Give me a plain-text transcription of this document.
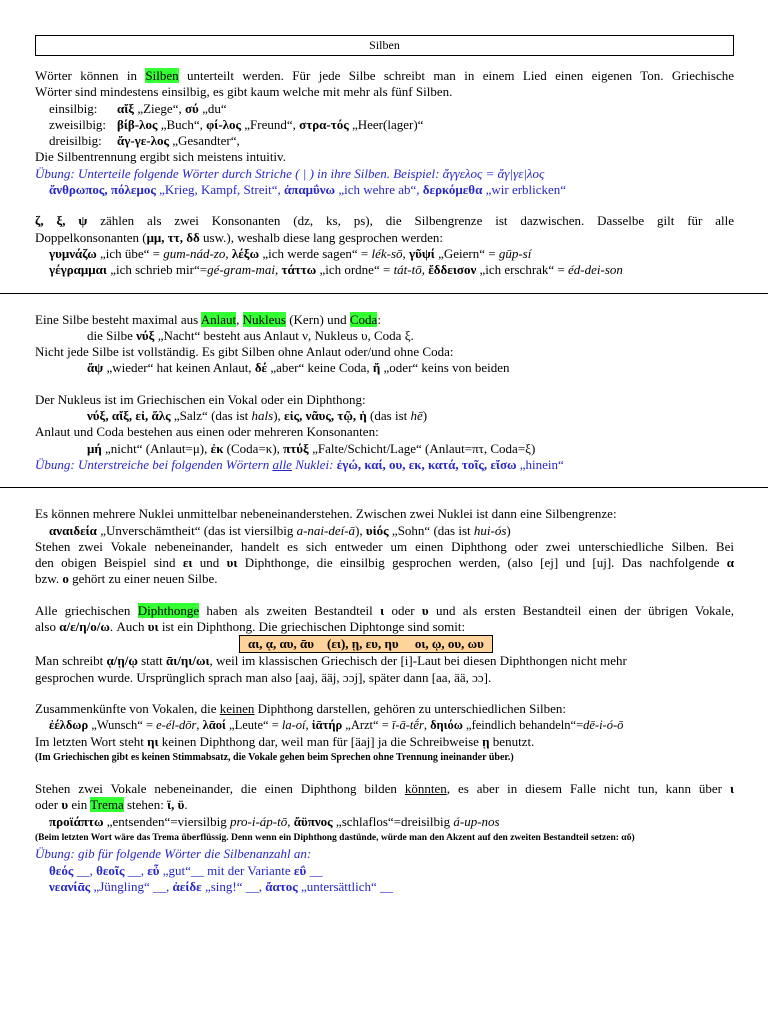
Silben
Wörter können in Silben unterteilt werden. Für jede Silbe schreibt man in einem Lied einen eigenen Ton. Griechische
Wörter sind mindestens einsilbig, es gibt kaum welche mit mehr als fünf Silben.
einsilbig: αἴξ „Ziege“, σύ „du“
zweisilbig: βίβ-λος „Buch“, φί-λος „Freund“, στρα-τός „Heer(lager)“
dreisilbig: ἄγ-γε-λος „Gesandter“,
Die Silbentrennung ergibt sich meistens intuitiv.
Übung: Unterteile folgende Wörter durch Striche ( | ) in ihre Silben. Beispiel: ἄγγελος = ἄγ|γε|λος
ἄνθρωπος, πόλεμος „Krieg, Kampf, Streit“, ἀπαμΰνω „ich wehre ab“, δερκόμεθα „wir erblicken“
ζ, ξ, ψ zählen als zwei Konsonanten (dz, ks, ps), die Silbengrenze ist dazwischen. Dasselbe gilt für alle
Doppelkonsonanten (μμ, ττ, δδ usw.), weshalb diese lang gesprochen werden:
γυμνάζω „ich übe“ = gum-nád-zo, λέξω „ich werde sagen“ = lék-sō, γῦψί „Geiern“ = gūp-sí
γέγραμμαι „ich schrieb mir“=gé-gram-mai, τάττω „ich ordne“ = tát-tō, ἔδδεισον „ich erschrak“ = éd-dei-son
Eine Silbe besteht maximal aus Anlaut, Nukleus (Kern) und Coda:
die Silbe νύξ „Nacht“ besteht aus Anlaut ν, Nukleus υ, Coda ξ.
Nicht jede Silbe ist vollständig. Es gibt Silben ohne Anlaut oder/und ohne Coda:
ἄψ „wieder“ hat keinen Anlaut, δέ „aber“ keine Coda, ἤ „oder“ keins von beiden
Der Nukleus ist im Griechischen ein Vokal oder ein Diphthong:
νύξ, αἴξ, εἰ, ἅλς „Salz“ (das ist hals), εἰς, νᾶυς, τῷ, ἡ (das ist hē)
Anlaut und Coda bestehen aus einen oder mehreren Konsonanten:
μή „nicht“ (Anlaut=μ), ἐκ (Coda=κ), πτύξ „Falte/Schicht/Lage“ (Anlaut=πτ, Coda=ξ)
Übung: Unterstreiche bei folgenden Wörtern alle Nuklei: ἐγώ, καί, ου, εκ, κατά, τοῖς, εἴσω „hinein“
Es können mehrere Nuklei unmittelbar nebeneinanderstehen. Zwischen zwei Nuklei ist dann eine Silbengrenze:
αναιδεία „Unverschämtheit“ (das ist viersilbig a-nai-deí-ā), υἱός „Sohn“ (das ist hui-ós)
Stehen zwei Vokale nebeneinander, handelt es sich entweder um einen Diphthong oder zwei unterschiedliche Silben. Bei
den obigen Beispiel sind ει und υι Diphthonge, die einsilbig gesprochen werden, (also [ej] und [uj]. Das nachfolgende α
bzw. ο gehört zu einer neuen Silbe.
Alle griechischen Diphthonge haben als zweiten Bestandteil ι oder υ und als ersten Bestandteil einen der übrigen Vokale,
also α/ε/η/ο/ω. Auch υι ist ein Diphthong. Die griechischen Diphtonge sind somit:
αι, ᾳ, αυ, ᾱυ    (ει), ῃ, ευ, ηυ     οι, ῳ, ου, ωυ
Man schreibt ᾳ/ῃ/ῳ statt ᾱι/ηι/ωι, weil im klassischen Griechisch der [i]-Laut bei diesen Diphthongen nicht mehr
gesprochen wurde. Ursprünglich sprach man also [aaj, ääj, ɔɔj], später dann [aa, ää, ɔɔ].
Zusammenkünfte von Vokalen, die keinen Diphthong darstellen, gehören zu unterschiedlichen Silben:
ἐέλδωρ „Wunsch“ = e-él-dōr, λᾱοί „Leute“ = la-oí, ἰᾱτήρ „Arzt“ = ī-ā-tḗr, δηιόω „feindlich behandeln“=dē-i-ó-ō
Im letzten Wort steht ηι keinen Diphthong dar, weil man für [äaj] ja die Schreibweise ῃ benutzt.
(Im Griechischen gibt es keinen Stimmabsatz, die Vokale gehen beim Sprechen ohne Trennung ineinander über.)
Stehen zwei Vokale nebeneinander, die einen Diphthong bilden könnten, es aber in diesem Falle nicht tun, kann über ι
oder υ ein Trema stehen: ϊ, ϋ.
προϊάπτω „entsenden“=viersilbig pro-i-áp-tō, ἄϋπνος „schlaflos“=dreisilbig á-up-nos
(Beim letzten Wort wäre das Trema überflüssig. Denn wenn ein Diphthong dastünde, würde man den Akzent auf den zweiten Bestandteil setzen: αὔ)
Übung: gib für folgende Wörter die Silbenanzahl an:
θεός __, θεοῖς __, εὖ „gut“__ mit der Variante εΰ __
νεανίᾱς „Jüngling“ __, ἀείδε „sing!“ __, ἄατος „untersättlich“ __
